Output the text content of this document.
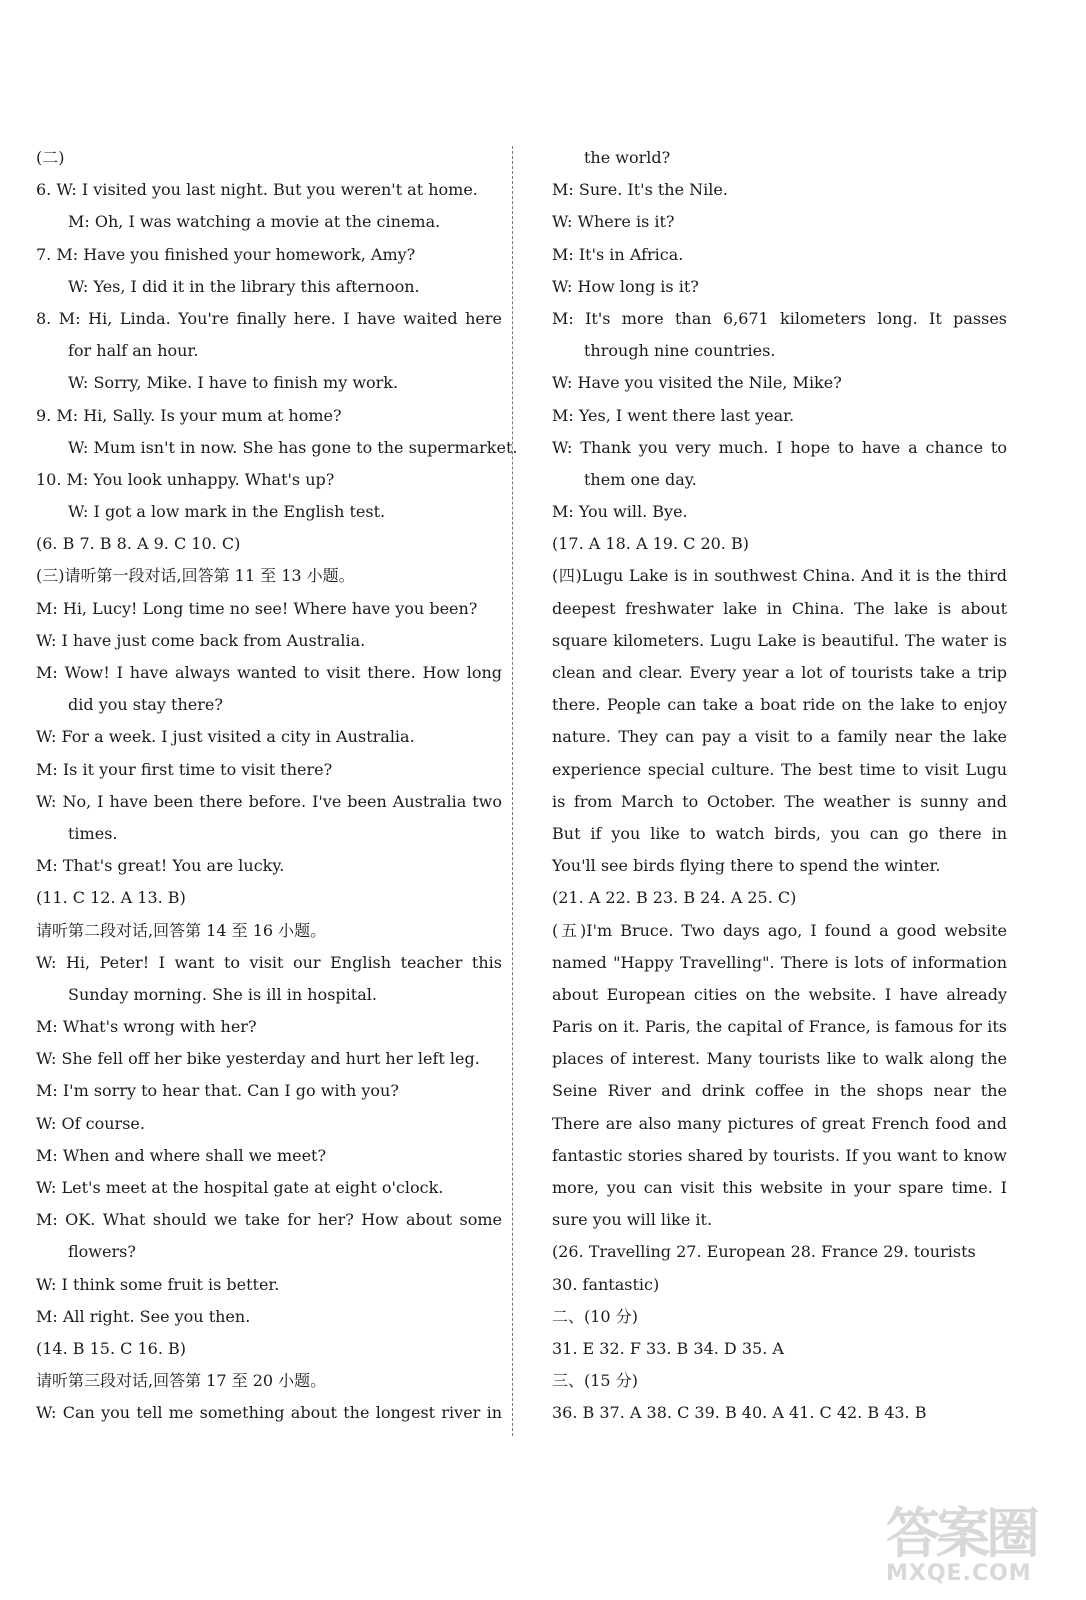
(二)
6. W: I visited you last night. But you weren't at home.
M: Oh, I was watching a movie at the cinema.
7. M: Have you finished your homework, Amy?
W: Yes, I did it in the library this afternoon.
8. M: Hi, Linda. You're finally here. I have waited here
for half an hour.
W: Sorry, Mike. I have to finish my work.
9. M: Hi, Sally. Is your mum at home?
W: Mum isn't in now. She has gone to the supermarket.
10. M: You look unhappy. What's up?
W: I got a low mark in the English test.
(6. B 7. B 8. A 9. C 10. C)
(三)请听第一段对话,回答第 11 至 13 小题。
M: Hi, Lucy! Long time no see! Where have you been?
W: I have just come back from Australia.
M: Wow! I have always wanted to visit there. How long
did you stay there?
W: For a week. I just visited a city in Australia.
M: Is it your first time to visit there?
W: No, I have been there before. I've been Australia two
times.
M: That's great! You are lucky.
(11. C 12. A 13. B)
请听第二段对话,回答第 14 至 16 小题。
W: Hi, Peter! I want to visit our English teacher this
Sunday morning. She is ill in hospital.
M: What's wrong with her?
W: She fell off her bike yesterday and hurt her left leg.
M: I'm sorry to hear that. Can I go with you?
W: Of course.
M: When and where shall we meet?
W: Let's meet at the hospital gate at eight o'clock.
M: OK. What should we take for her? How about some
flowers?
W: I think some fruit is better.
M: All right. See you then.
(14. B 15. C 16. B)
请听第三段对话,回答第 17 至 20 小题。
W: Can you tell me something about the longest river in
the world?
M: Sure. It's the Nile.
W: Where is it?
M: It's in Africa.
W: How long is it?
M: It's more than 6,671 kilometers long. It passes
through nine countries.
W: Have you visited the Nile, Mike?
M: Yes, I went there last year.
W: Thank you very much. I hope to have a chance to
them one day.
M: You will. Bye.
(17. A 18. A 19. C 20. B)
(四)Lugu Lake is in southwest China. And it is the third
deepest freshwater lake in China. The lake is about
square kilometers. Lugu Lake is beautiful. The water is
clean and clear. Every year a lot of tourists take a trip
there. People can take a boat ride on the lake to enjoy
nature. They can pay a visit to a family near the lake
experience special culture. The best time to visit Lugu
is from March to October. The weather is sunny and
But if you like to watch birds, you can go there in
You'll see birds flying there to spend the winter.
(21. A 22. B 23. B 24. A 25. C)
(五)I'm Bruce. Two days ago, I found a good website
named "Happy Travelling". There is lots of information
about European cities on the website. I have already
Paris on it. Paris, the capital of France, is famous for its
places of interest. Many tourists like to walk along the
Seine River and drink coffee in the shops near the
There are also many pictures of great French food and
fantastic stories shared by tourists. If you want to know
more, you can visit this website in your spare time. I
sure you will like it.
(26. Travelling 27. European 28. France 29. tourists
30. fantastic)
二、(10 分)
31. E 32. F 33. B 34. D 35. A
三、(15 分)
36. B 37. A 38. C 39. B 40. A 41. C 42. B 43. B
答案圈
MXQE.COM
